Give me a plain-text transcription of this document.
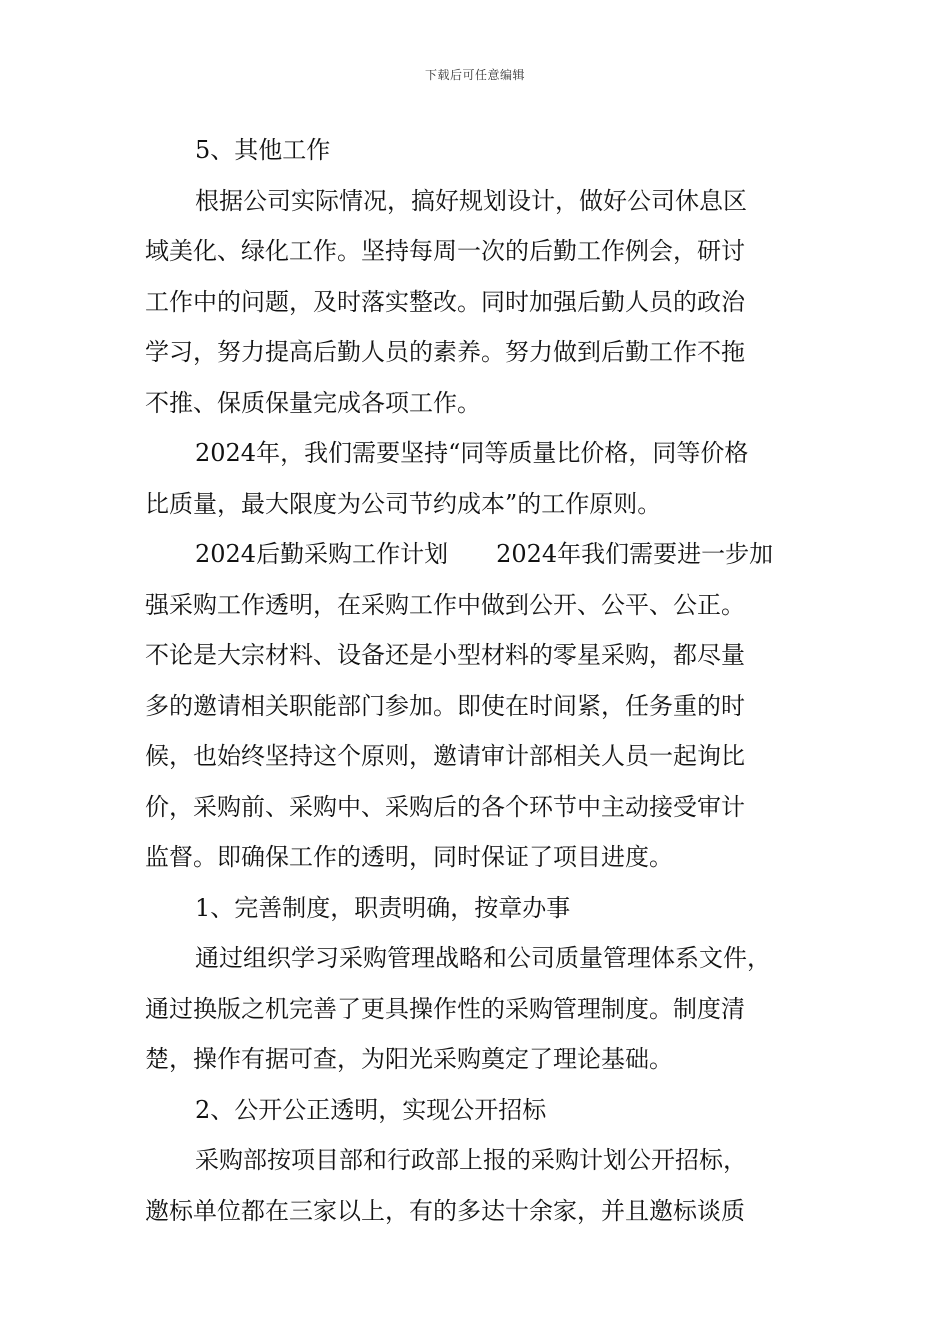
下载后可任意编辑
5、其他工作
根据公司实际情况，搞好规划设计，做好公司休息区
域美化、绿化工作。坚持每周一次的后勤工作例会，研讨
工作中的问题，及时落实整改。同时加强后勤人员的政治
学习，努力提高后勤人员的素养。努力做到后勤工作不拖
不推、保质保量完成各项工作。
2024年，我们需要坚持“同等质量比价格，同等价格
比质量，最大限度为公司节约成本”的工作原则。
2024后勤采购工作计划　　2024年我们需要进一步加
强采购工作透明，在采购工作中做到公开、公平、公正。
不论是大宗材料、设备还是小型材料的零星采购，都尽量
多的邀请相关职能部门参加。即使在时间紧，任务重的时
候，也始终坚持这个原则，邀请审计部相关人员一起询比
价，采购前、采购中、采购后的各个环节中主动接受审计
监督。即确保工作的透明，同时保证了项目进度。
1、完善制度，职责明确，按章办事
通过组织学习采购管理战略和公司质量管理体系文件，
通过换版之机完善了更具操作性的采购管理制度。制度清
楚，操作有据可查，为阳光采购奠定了理论基础。
2、公开公正透明，实现公开招标
采购部按项目部和行政部上报的采购计划公开招标，
邀标单位都在三家以上，有的多达十余家，并且邀标谈质
